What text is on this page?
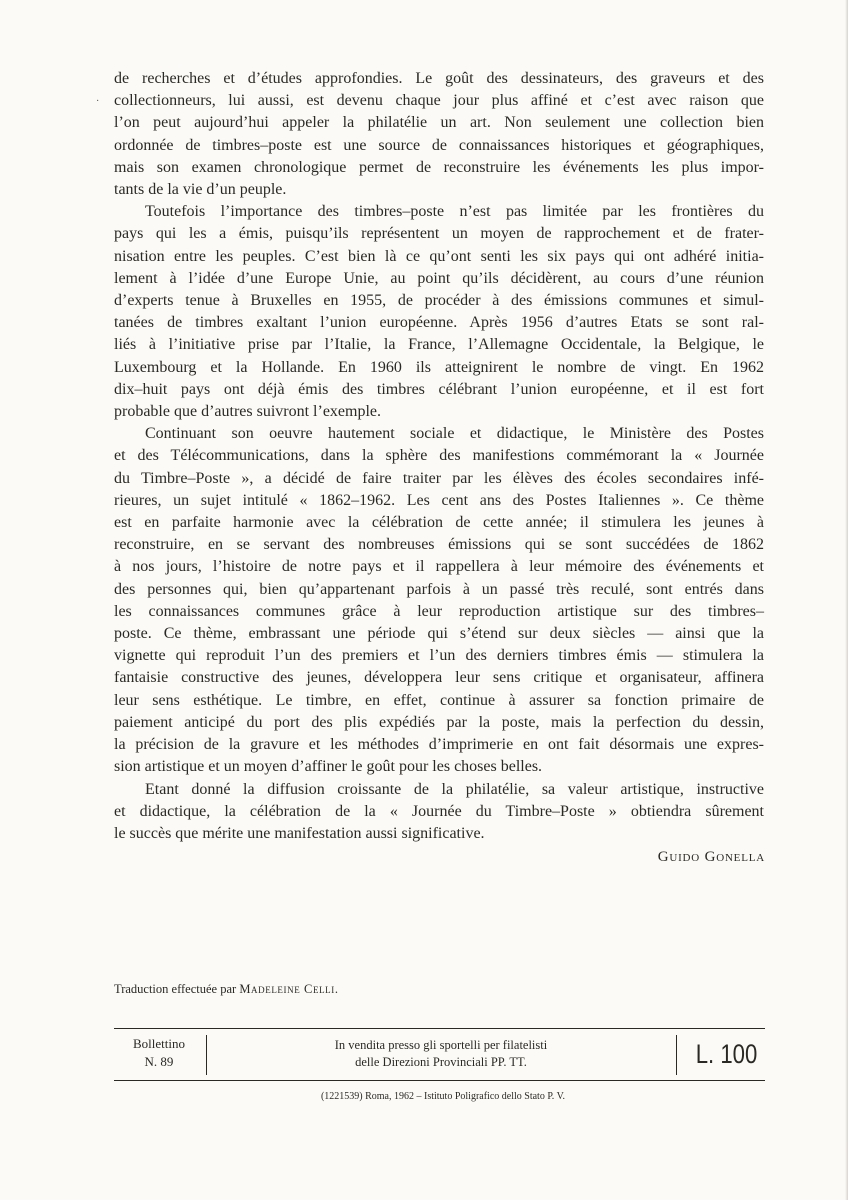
·

de recherches et d’études approfondies. Le goût des dessinateurs, des graveurs et des
collectionneurs, lui aussi, est devenu chaque jour plus affiné et c’est avec raison que
l’on peut aujourd’hui appeler la philatélie un art. Non seulement une collection bien
ordonnée de timbres–poste est une source de connaissances historiques et géographiques,
mais son examen chronologique permet de reconstruire les événements les plus impor-
tants de la vie d’un peuple.

Toutefois l’importance des timbres–poste n’est pas limitée par les frontières du
pays qui les a émis, puisqu’ils représentent un moyen de rapprochement et de frater-
nisation entre les peuples. C’est bien là ce qu’ont senti les six pays qui ont adhéré initia-
lement à l’idée d’une Europe Unie, au point qu’ils décidèrent, au cours d’une réunion
d’experts tenue à Bruxelles en 1955, de procéder à des émissions communes et simul-
tanées de timbres exaltant l’union européenne. Après 1956 d’autres Etats se sont ral-
liés à l’initiative prise par l’Italie, la France, l’Allemagne Occidentale, la Belgique, le
Luxembourg et la Hollande. En 1960 ils atteignirent le nombre de vingt. En 1962
dix–huit pays ont déjà émis des timbres célébrant l’union européenne, et il est fort
probable que d’autres suivront l’exemple.

Continuant son oeuvre hautement sociale et didactique, le Ministère des Postes
et des Télécommunications, dans la sphère des manifestions commémorant la « Journée
du Timbre–Poste », a décidé de faire traiter par les élèves des écoles secondaires infé-
rieures, un sujet intitulé « 1862–1962. Les cent ans des Postes Italiennes ». Ce thème
est en parfaite harmonie avec la célébration de cette année; il stimulera les jeunes à
reconstruire, en se servant des nombreuses émissions qui se sont succédées de 1862
à nos jours, l’histoire de notre pays et il rappellera à leur mémoire des événements et
des personnes qui, bien qu’appartenant parfois à un passé très reculé, sont entrés dans
les connaissances communes grâce à leur reproduction artistique sur des timbres–
poste. Ce thème, embrassant une période qui s’étend sur deux siècles — ainsi que la
vignette qui reproduit l’un des premiers et l’un des derniers timbres émis — stimulera la
fantaisie constructive des jeunes, développera leur sens critique et organisateur, affinera
leur sens esthétique. Le timbre, en effet, continue à assurer sa fonction primaire de
paiement anticipé du port des plis expédiés par la poste, mais la perfection du dessin,
la précision de la gravure et les méthodes d’imprimerie en ont fait désormais une expres-
sion artistique et un moyen d’affiner le goût pour les choses belles.

Etant donné la diffusion croissante de la philatélie, sa valeur artistique, instructive
et didactique, la célébration de la « Journée du Timbre–Poste » obtiendra sûrement
le succès que mérite une manifestation aussi significative.

Guido Gonella
Traduction effectuée par Madeleine Celli.
Bollettino
N. 89
In vendita presso gli sportelli per filatelisti
delle Direzioni Provinciali PP. TT.	L. 100
(1221539) Roma, 1962 – Istituto Poligrafico dello Stato P. V.
